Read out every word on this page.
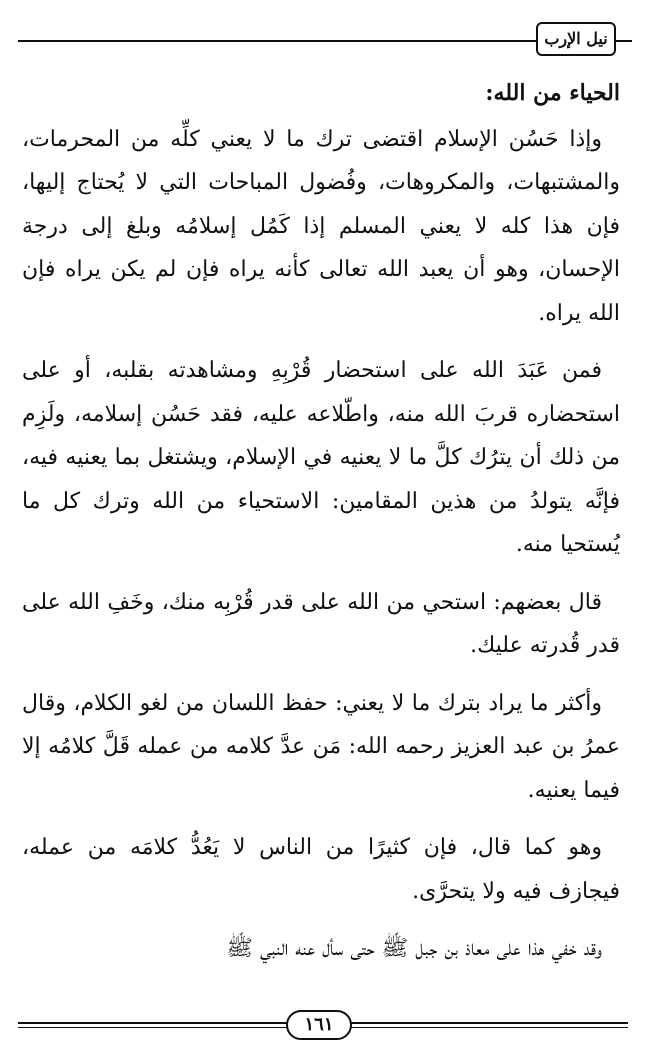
نيل الإرب
الحياء من الله:

وإذا حَسُن الإسلام اقتضى ترك ما لا يعني كلِّه من المحرمات، والمشتبهات، والمكروهات، وفُضول المباحات التي لا يُحتاج إليها، فإن هذا كله لا يعني المسلم إذا كَمُل إسلامُه وبلغ إلى درجة الإحسان، وهو أن يعبد الله تعالى كأنه يراه فإن لم يكن يراه فإن الله يراه.

فمن عَبَدَ الله على استحضار قُرْبِهِ ومشاهدته بقلبه، أو على استحضاره قربَ الله منه، واطّلاعه عليه، فقد حَسُن إسلامه، ولَزِم من ذلك أن يترُك كلَّ ما لا يعنيه في الإسلام، ويشتغل بما يعنيه فيه، فإنَّه يتولدُ من هذين المقامين: الاستحياء من الله وترك كل ما يُستحيا منه.

قال بعضهم: استحي من الله على قدر قُرْبِه منك، وخَفِ الله على قدر قُدرته عليك.

وأكثر ما يراد بترك ما لا يعني: حفظ اللسان من لغو الكلام، وقال عمرُ بن عبد العزيز رحمه الله: مَن عدَّ كلامه من عمله قَلَّ كلامُه إلا فيما يعنيه.

وهو كما قال، فإن كثيرًا من الناس لا يَعُدُّ كلامَه من عمله، فيجازف فيه ولا يتحرَّى.

وقد خفي هذا على معاذ بن جبل ﷺ حتى سأل عنه النبي ﷺ

١٦١
